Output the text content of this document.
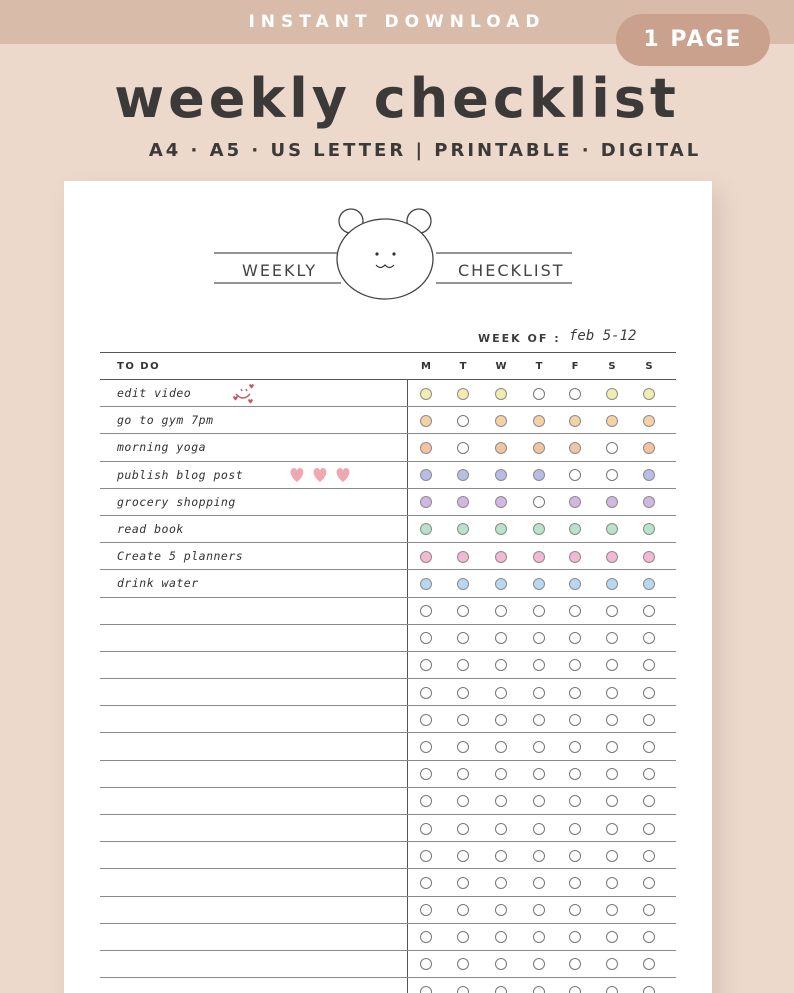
INSTANT DOWNLOAD
1 PAGE
weekly checklist
A4 · A5 · US LETTER | PRINTABLE · DIGITAL
WEEKLY	CHECKLIST
WEEK OF : feb 5-12
TO DO	M	T	W	T	F	S	S
edit video
go to gym 7pm
morning yoga
publish blog post
grocery shopping
read book
Create 5 planners
drink water
